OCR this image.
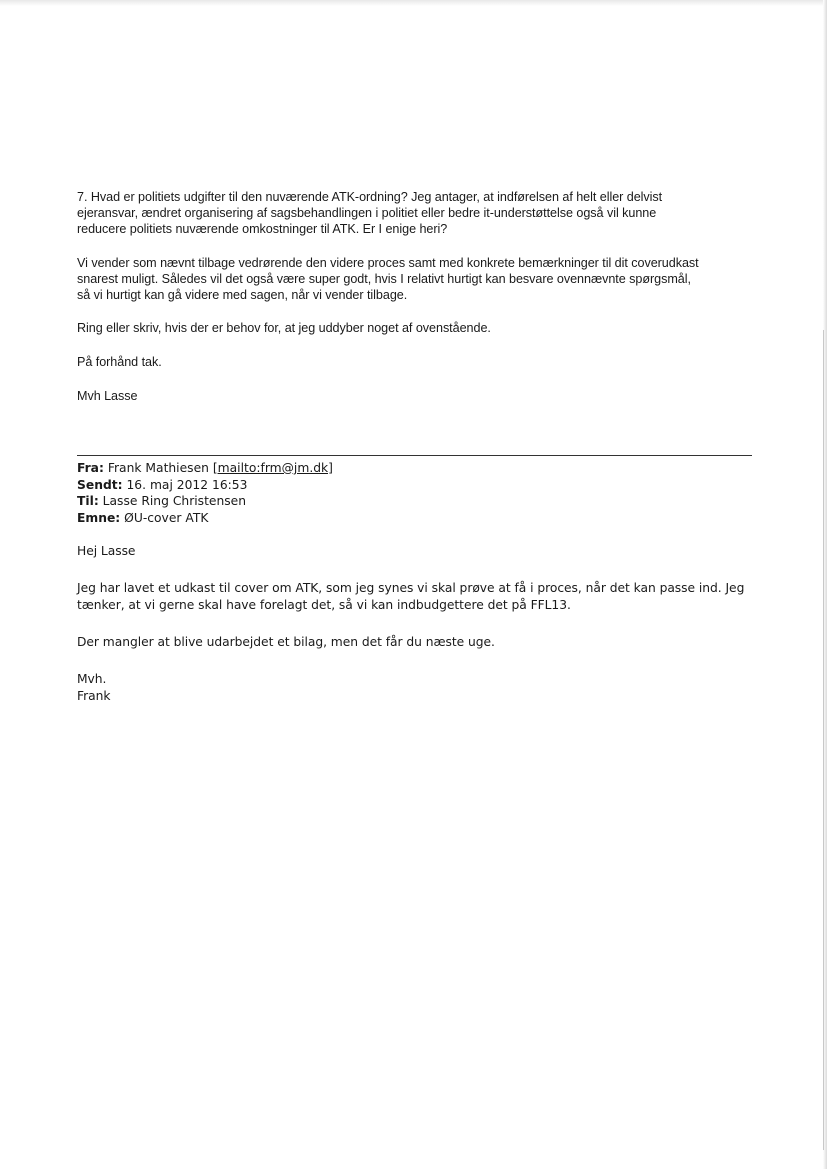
7. Hvad er politiets udgifter til den nuværende ATK-ordning? Jeg antager, at indførelsen af helt eller delvist
ejeransvar, ændret organisering af sagsbehandlingen i politiet eller bedre it-understøttelse også vil kunne
reducere politiets nuværende omkostninger til ATK. Er I enige heri?

Vi vender som nævnt tilbage vedrørende den videre proces samt med konkrete bemærkninger til dit coverudkast
snarest muligt. Således vil det også være super godt, hvis I relativt hurtigt kan besvare ovennævnte spørgsmål,
så vi hurtigt kan gå videre med sagen, når vi vender tilbage.

Ring eller skriv, hvis der er behov for, at jeg uddyber noget af ovenstående.

På forhånd tak.

Mvh Lasse

Fra: Frank Mathiesen [mailto:frm@jm.dk]
Sendt: 16. maj 2012 16:53
Til: Lasse Ring Christensen
Emne: ØU-cover ATK

Hej Lasse

Jeg har lavet et udkast til cover om ATK, som jeg synes vi skal prøve at få i proces, når det kan passe ind. Jeg
tænker, at vi gerne skal have forelagt det, så vi kan indbudgettere det på FFL13.

Der mangler at blive udarbejdet et bilag, men det får du næste uge.

Mvh.
Frank
